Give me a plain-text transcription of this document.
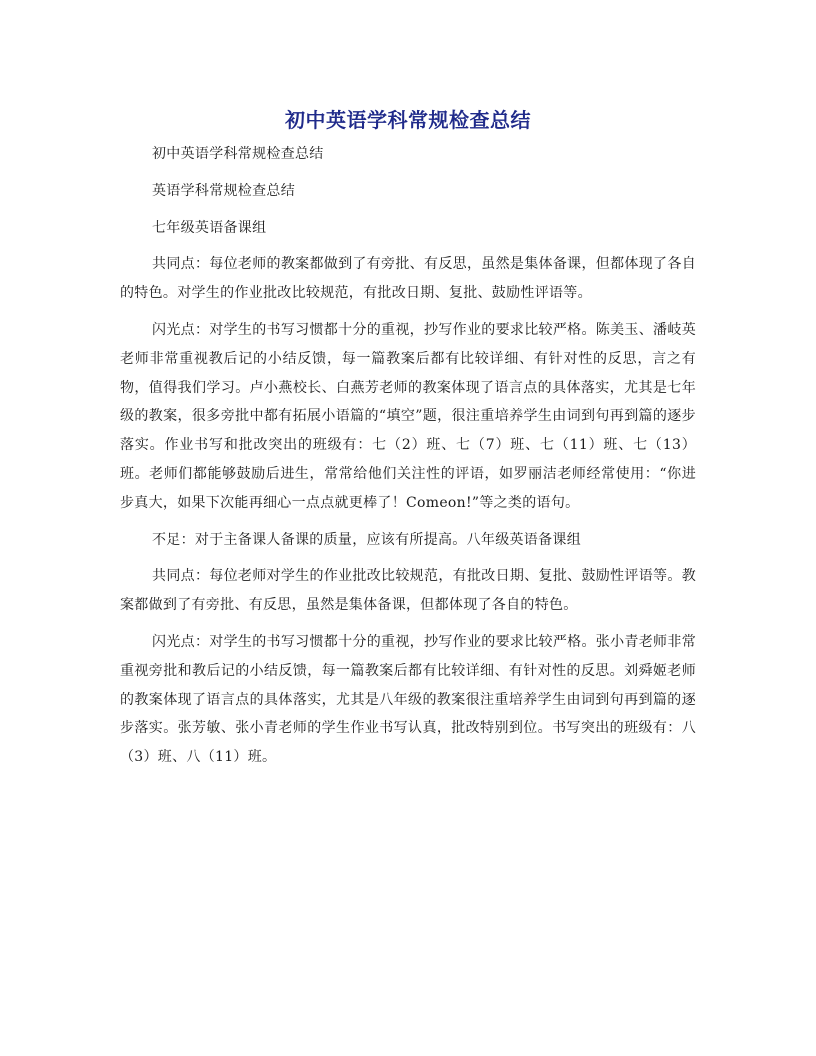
初中英语学科常规检查总结

初中英语学科常规检查总结

英语学科常规检查总结

七年级英语备课组

共同点：每位老师的教案都做到了有旁批、有反思，虽然是集体备课，但都体现了各自的特色。对学生的作业批改比较规范，有批改日期、复批、鼓励性评语等。

闪光点：对学生的书写习惯都十分的重视，抄写作业的要求比较严格。陈美玉、潘岐英老师非常重视教后记的小结反馈，每一篇教案后都有比较详细、有针对性的反思，言之有物，值得我们学习。卢小燕校长、白燕芳老师的教案体现了语言点的具体落实，尤其是七年级的教案，很多旁批中都有拓展小语篇的“填空”题，很注重培养学生由词到句再到篇的逐步落实。作业书写和批改突出的班级有：七（2）班、七（7）班、七（11）班、七（13）班。老师们都能够鼓励后进生，常常给他们关注性的评语，如罗丽洁老师经常使用：“你进步真大，如果下次能再细心一点点就更棒了！Comeon!”等之类的语句。

不足：对于主备课人备课的质量，应该有所提高。八年级英语备课组

共同点：每位老师对学生的作业批改比较规范，有批改日期、复批、鼓励性评语等。教案都做到了有旁批、有反思，虽然是集体备课，但都体现了各自的特色。

闪光点：对学生的书写习惯都十分的重视，抄写作业的要求比较严格。张小青老师非常重视旁批和教后记的小结反馈，每一篇教案后都有比较详细、有针对性的反思。刘舜姬老师的教案体现了语言点的具体落实，尤其是八年级的教案很注重培养学生由词到句再到篇的逐步落实。张芳敏、张小青老师的学生作业书写认真，批改特别到位。书写突出的班级有：八（3）班、八（11）班。
